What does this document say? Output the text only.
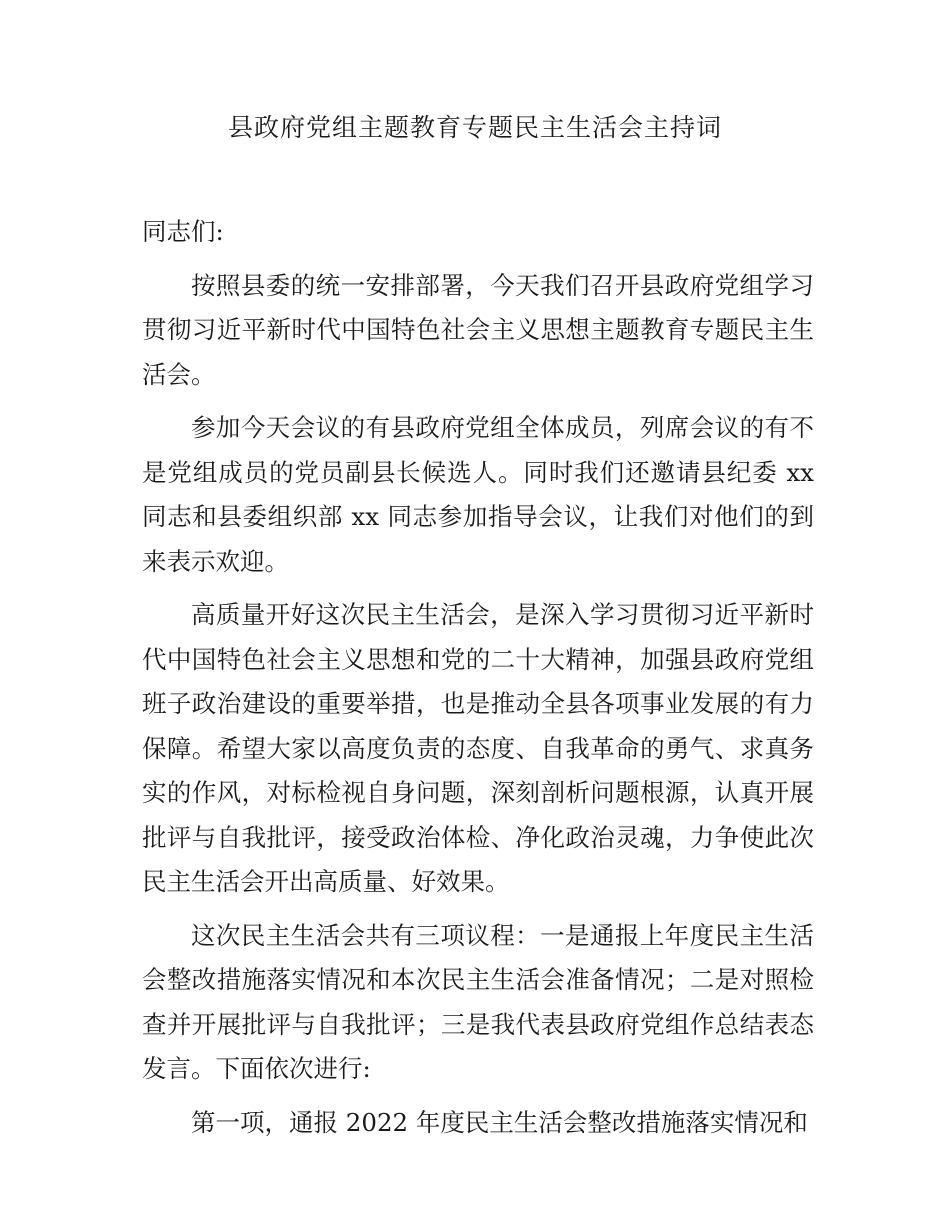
县政府党组主题教育专题民主生活会主持词

同志们:

按照县委的统一安排部署，今天我们召开县政府党组学习贯彻习近平新时代中国特色社会主义思想主题教育专题民主生活会。

参加今天会议的有县政府党组全体成员，列席会议的有不是党组成员的党员副县长候选人。同时我们还邀请县纪委 xx 同志和县委组织部 xx 同志参加指导会议，让我们对他们的到来表示欢迎。

高质量开好这次民主生活会，是深入学习贯彻习近平新时代中国特色社会主义思想和党的二十大精神，加强县政府党组班子政治建设的重要举措，也是推动全县各项事业发展的有力保障。希望大家以高度负责的态度、自我革命的勇气、求真务实的作风，对标检视自身问题，深刻剖析问题根源，认真开展批评与自我批评，接受政治体检、净化政治灵魂，力争使此次民主生活会开出高质量、好效果。

这次民主生活会共有三项议程：一是通报上年度民主生活会整改措施落实情况和本次民主生活会准备情况；二是对照检查并开展批评与自我批评；三是我代表县政府党组作总结表态发言。下面依次进行:

第一项，通报 2022 年度民主生活会整改措施落实情况和
